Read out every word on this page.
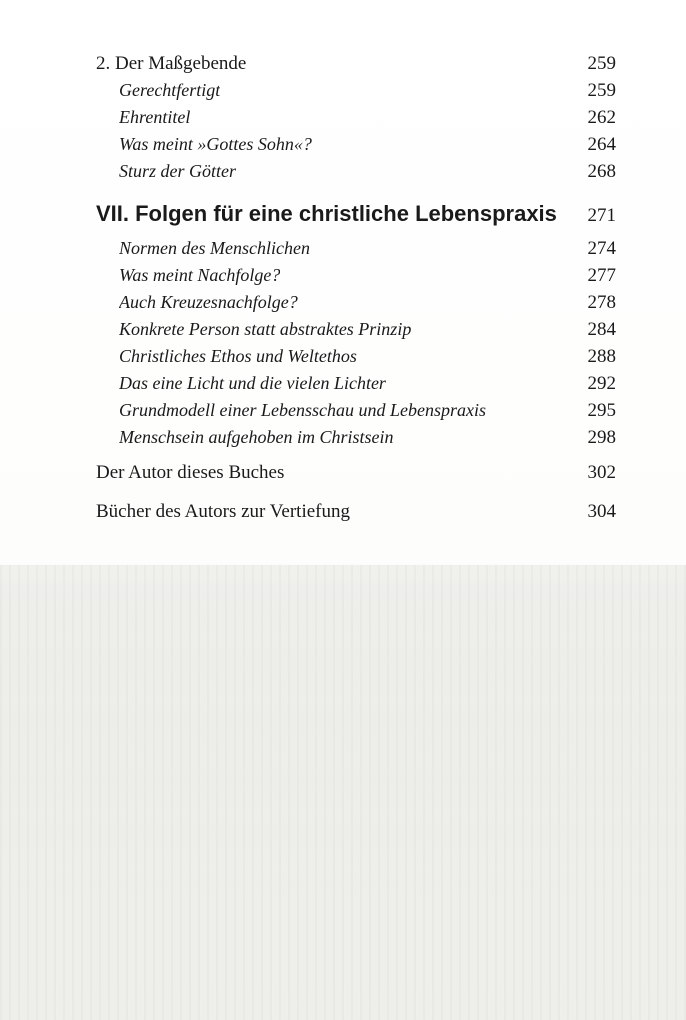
2. Der Maßgebende	259
Gerechtfertigt	259
Ehrentitel	262
Was meint »Gottes Sohn«?	264
Sturz der Götter	268
VII. Folgen für eine christliche Lebenspraxis 271
Normen des Menschlichen	274
Was meint Nachfolge?	277
Auch Kreuzesnachfolge?	278
Konkrete Person statt abstraktes Prinzip	284
Christliches Ethos und Weltethos	288
Das eine Licht und die vielen Lichter	292
Grundmodell einer Lebensschau und Lebenspraxis	295
Menschsein aufgehoben im Christsein	298
Der Autor dieses Buches	302
Bücher des Autors zur Vertiefung	304
